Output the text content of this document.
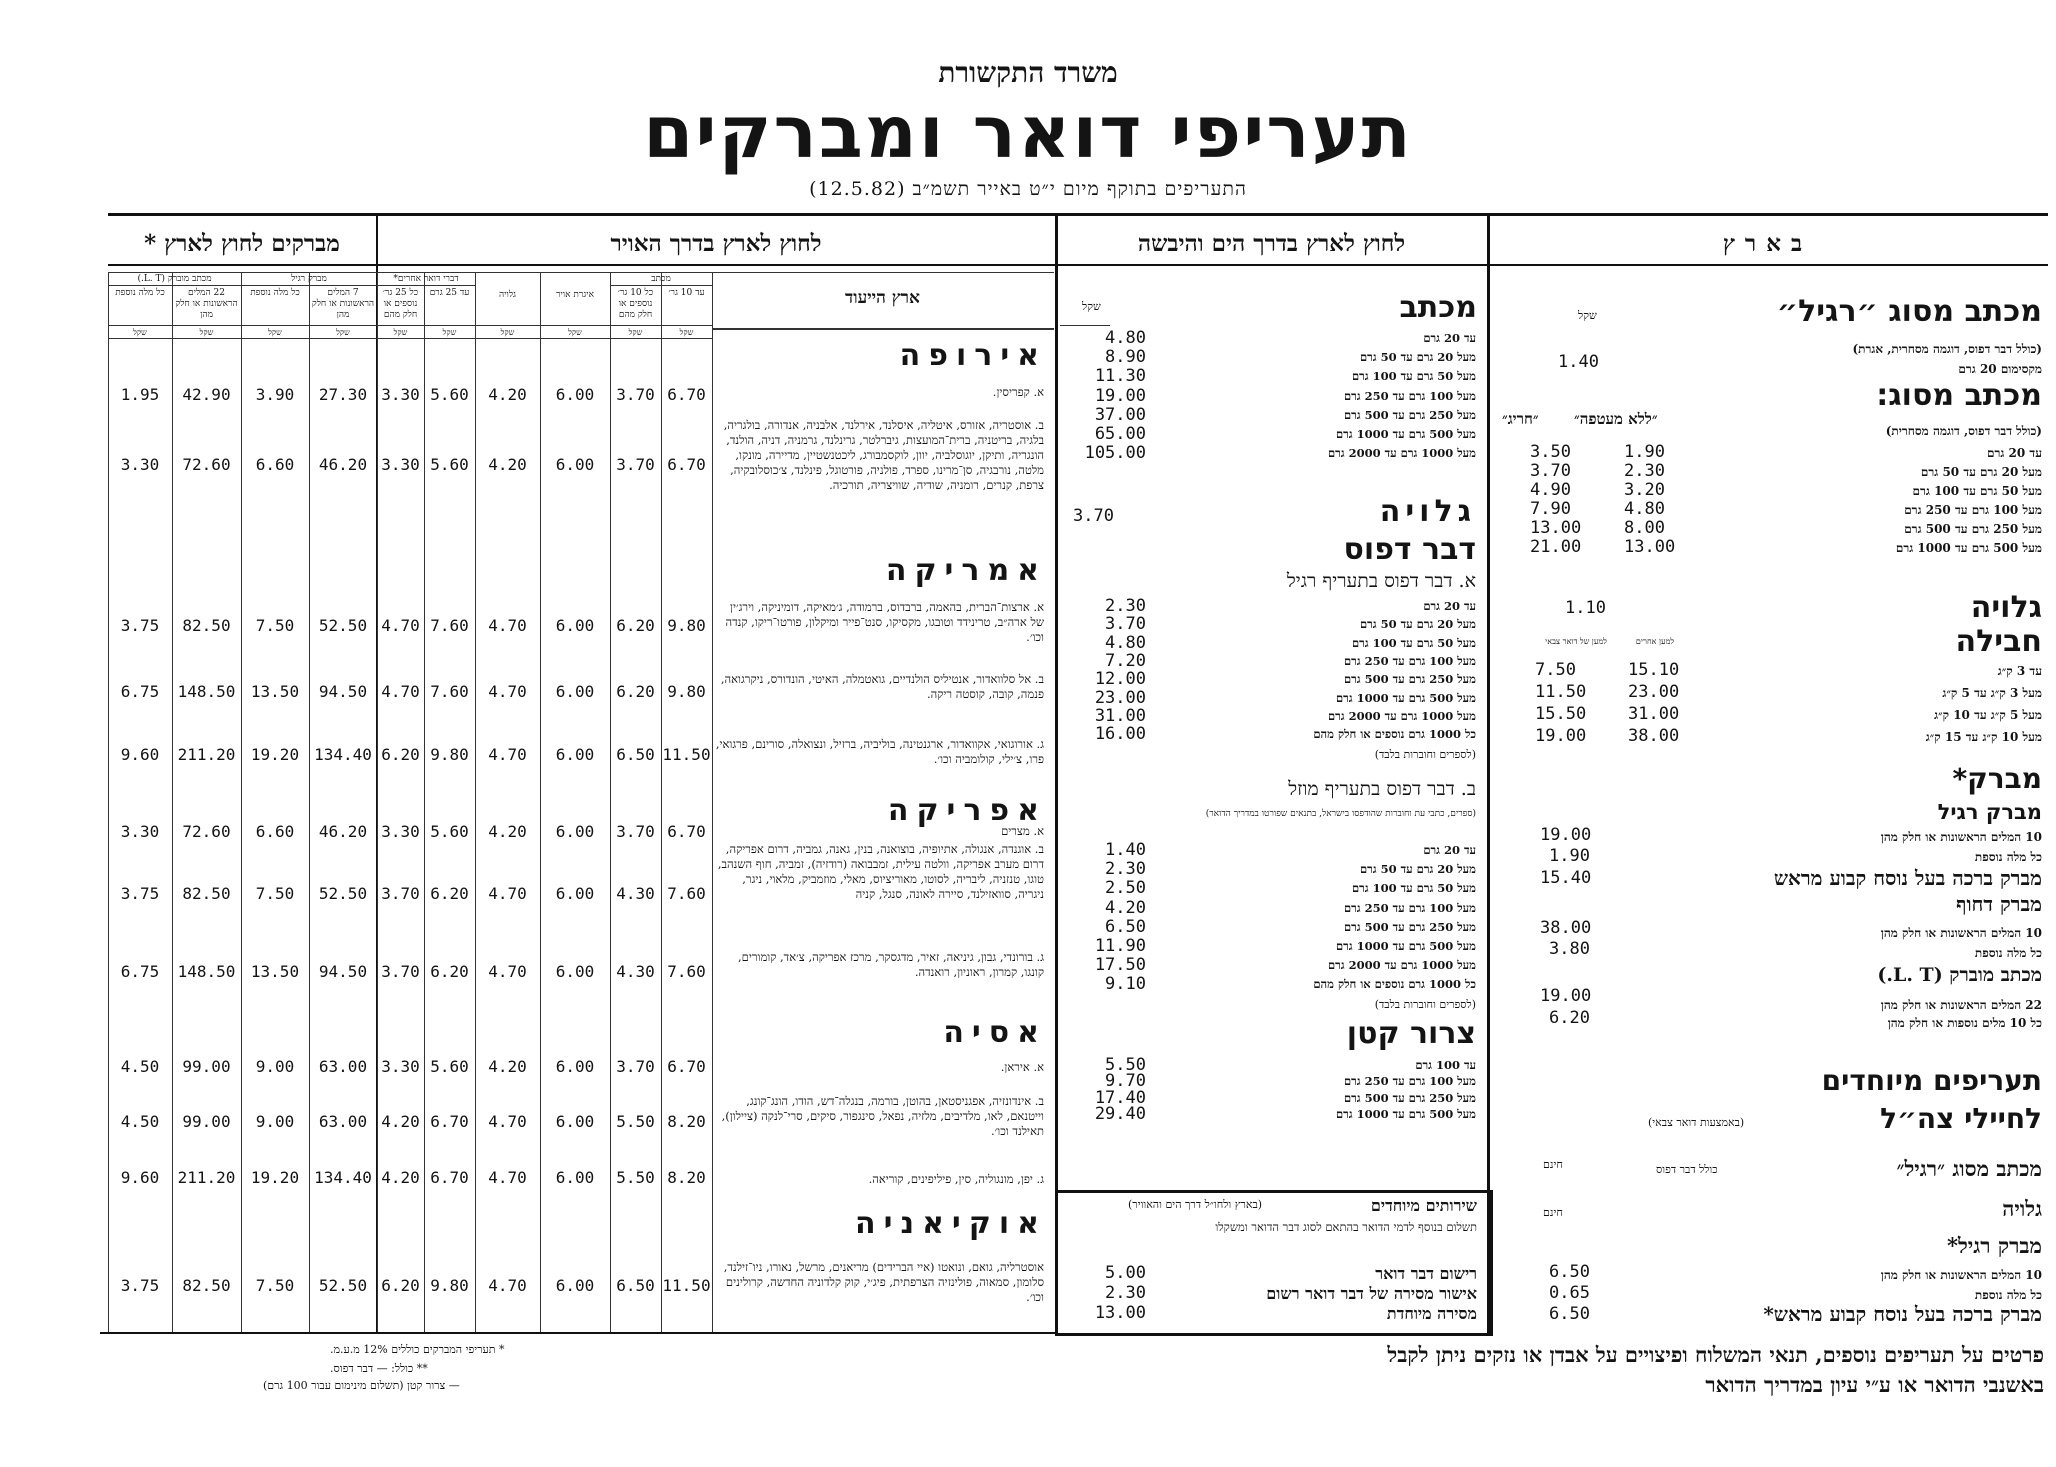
משרד התקשורת
תעריפי דואר ומברקים
התעריפים בתוקף מיום י״ט באייר תשמ״ב (12.5.82)
בארץ
לחוץ לארץ בדרך הים והיבשה
לחוץ לארץ בדרך האויר
מברקים לחוץ לארץ *
מכתב מסוג ״רגיל״
שקל
(כולל דבר דפוס, דוגמה מסחרית, אגרת)
מקסימום 20 גרם
1.40
מכתב מסוג:
״ללא מעטפה״
״חריג״
(כולל דבר דפוס, דוגמה מסחרית)
עד 20 גרם
1.90
3.50
מעל 20 גרם עד 50 גרם
2.30
3.70
מעל 50 גרם עד 100 גרם
3.20
4.90
מעל 100 גרם עד 250 גרם
4.80
7.90
מעל 250 גרם עד 500 גרם
8.00
13.00
מעל 500 גרם עד 1000 גרם
13.00
21.00
גלויה
1.10
חבילה
למען אחרים
למען של דואר צבאי
עד 3 ק״ג
15.10
7.50
מעל 3 ק״ג עד 5 ק״ג
23.00
11.50
מעל 5 ק״ג עד 10 ק״ג
31.00
15.50
מעל 10 ק״ג עד 15 ק״ג
38.00
19.00
מברק*
מברק רגיל
10 המלים הראשונות או חלק מהן
19.00
כל מלה נוספת
1.90
מברק ברכה בעל נוסח קבוע מראש
15.40
מברק דחוף
10 המלים הראשונות או חלק מהן
38.00
כל מלה נוספת
3.80
מכתב מוברק (L. T.)
22 המלים הראשונות או חלק מהן
19.00
כל 10 מלים נוספות או חלק מהן
6.20
תעריפים מיוחדים
לחיילי צה״ל
(באמצעות דואר צבאי)
מכתב מסוג ״רגיל״
כולל דבר דפוס
חינם
גלויה
חינם
מברק רגיל*
10 המלים הראשונות או חלק מהן
6.50
כל מלה נוספת
0.65
מברק ברכה בעל נוסח קבוע מראש*
6.50
מכתב
שקל
עד 20 גרם
4.80
מעל 20 גרם עד 50 גרם
8.90
מעל 50 גרם עד 100 גרם
11.30
מעל 100 גרם עד 250 גרם
19.00
מעל 250 גרם עד 500 גרם
37.00
מעל 500 גרם עד 1000 גרם
65.00
מעל 1000 גרם עד 2000 גרם
105.00
גלויה
3.70
דבר דפוס
א. דבר דפוס בתעריף רגיל
עד 20 גרם
2.30
מעל 20 גרם עד 50 גרם
3.70
מעל 50 גרם עד 100 גרם
4.80
מעל 100 גרם עד 250 גרם
7.20
מעל 250 גרם עד 500 גרם
12.00
מעל 500 גרם עד 1000 גרם
23.00
מעל 1000 גרם עד 2000 גרם
31.00
כל 1000 גרם נוספים או חלק מהם
16.00
(לספרים וחוברות בלבד)
ב. דבר דפוס בתעריף מוזל
(ספרים, כתבי עת וחוברות שהודפסו בישראל, בתנאים שפורטו במדריך הדואר)
עד 20 גרם
1.40
מעל 20 גרם עד 50 גרם
2.30
מעל 50 גרם עד 100 גרם
2.50
מעל 100 גרם עד 250 גרם
4.20
מעל 250 גרם עד 500 גרם
6.50
מעל 500 גרם עד 1000 גרם
11.90
מעל 1000 גרם עד 2000 גרם
17.50
כל 1000 גרם נוספים או חלק מהם
9.10
(לספרים וחוברות בלבד)
צרור קטן
עד 100 גרם
5.50
מעל 100 גרם עד 250 גרם
9.70
מעל 250 גרם עד 500 גרם
17.40
מעל 500 גרם עד 1000 גרם
29.40
שירותים מיוחדים
(בארץ ולחו״ל דרך הים והאוויר)
תשלום בנוסף לדמי הדואר בהתאם לסוג דבר הדואר ומשקלו
רישום דבר דואר
5.00
אישור מסירה של דבר דואר רשום
2.30
מסירה מיוחדת
13.00
ארץ הייעוד
מכתב
דברי דואר אחרים*
מברק רגיל
מכתב מוברק (L. T.)
עד 10 גר׳
שקל
כל 10 גר׳ נוספים או חלק מהם
שקל
איגרת אויר
שקל
גלויה
שקל
עד 25 גרם
שקל
כל 25 גר׳ נוספים או חלק מהם
שקל
7 המלים הראשונות או חלק מהן
שקל
כל מלה נוספת
שקל
22 המלים הראשונות או חלק מהן
שקל
כל מלה נוספת
שקל
אירופה
א. קפריסין.
6.70
3.70
6.00
4.20
5.60
3.30
27.30
3.90
42.90
1.95
ב. אוסטריה, אזורס, איטליה, איסלנד, אירלנד, אלבניה, אנדורה, בולגריה, בלגיה, בריטניה, ברית־המועצות, גיברלטר, גרינלנד, גרמניה, דניה, הולנד, הונגריה, ותיקן, יוגוסלביה, יוון, לוקסמבורג, ליכטנשטיין, מדיירה, מונקו, מלטה, נורבגיה, סן־מרינו, ספרד, פולניה, פורטוגל, פינלנד, צ׳כוסלובקיה, צרפת, קנרים, רומניה, שודיה, שוויצריה, תורכיה.
6.70
3.70
6.00
4.20
5.60
3.30
46.20
6.60
72.60
3.30
אמריקה
א. ארצות־הברית, בהאמה, ברבדוס, ברמודה, ג׳מאיקה, דומיניקה, וירג׳ין של ארה״ב, טרינידד וטובגו, מקסיקו, סנט־פייר ומיקלון, פורטו־ריקו, קנדה וכו׳.
9.80
6.20
6.00
4.70
7.60
4.70
52.50
7.50
82.50
3.75
ב. אל סלוואדור, אנטיליס הולנדיים, גואטמלה, האיטי, הונדורס, ניקרגואה, פנמה, קובה, קוסטה ריקה.
9.80
6.20
6.00
4.70
7.60
4.70
94.50
13.50
148.50
6.75
ג. אורוגואי, אקוואדור, ארגנטינה, בוליביה, ברזיל, ונצואלה, סורינם, פרגואי, פרו, צ׳ילי, קולומביה וכו׳.
11.50
6.50
6.00
4.70
9.80
6.20
134.40
19.20
211.20
9.60
אפריקה
א. מצרים
6.70
3.70
6.00
4.20
5.60
3.30
46.20
6.60
72.60
3.30
ב. אוגנדה, אנגולה, אתיופיה, בוצואנה, בנין, גאנה, גמביה, דרום אפריקה, דרום מערב אפריקה, וולטה עילית, זמבבואה (רודזיה), זמביה, חוף השנהב, טוגו, טנזניה, ליבריה, לסוטו, מאוריציוס, מאלי, מוזמביק, מלאוי, ניגר, ניגריה, סוואזילנד, סיירה לאונה, סנגל, קניה
7.60
4.30
6.00
4.70
6.20
3.70
52.50
7.50
82.50
3.75
ג. בורונדי, גבון, גיניאה, זאיר, מדגסקר, מרכז אפריקה, צ׳אד, קומורים, קונגו, קמרון, ראוניון, רואנדה.
7.60
4.30
6.00
4.70
6.20
3.70
94.50
13.50
148.50
6.75
אסיה
א. איראן.
6.70
3.70
6.00
4.20
5.60
3.30
63.00
9.00
99.00
4.50
ב. אינדונזיה, אפגניסטאן, בהוטן, בורמה, בנגלה־דש, הודו, הונג־קונג, וייטנאם, לאו, מלדיבים, מלזיה, נפאל, סינגפור, סיקים, סרי־לנקה (ציילון), תאילנד וכו׳.
8.20
5.50
6.00
4.70
6.70
4.20
63.00
9.00
99.00
4.50
ג. יפן, מונגוליה, סין, פיליפינים, קוריאה.
8.20
5.50
6.00
4.70
6.70
4.20
134.40
19.20
211.20
9.60
אוקיאניה
אוסטרליה, גואם, ונואטו (איי הברידים) מריאנים, מרשל, נאורו, ניו־זילנד, סלומון, סמאוה, פולינזיה הצרפתית, פיג׳י, קוק קלדוניה החדשה, קרולינים וכו׳.
11.50
6.50
6.00
4.70
9.80
6.20
52.50
7.50
82.50
3.75
* תעריפי המברקים כוללים 12% מ.ע.מ.
** כולל: — דבר דפוס.
— צרור קטן (תשלום מינימום עבור 100 גרם)
פרטים על תעריפים נוספים, תנאי המשלוח ופיצויים על אבדן או נזקים ניתן לקבל
באשנבי הדואר או ע״י עיון במדריך הדואר
